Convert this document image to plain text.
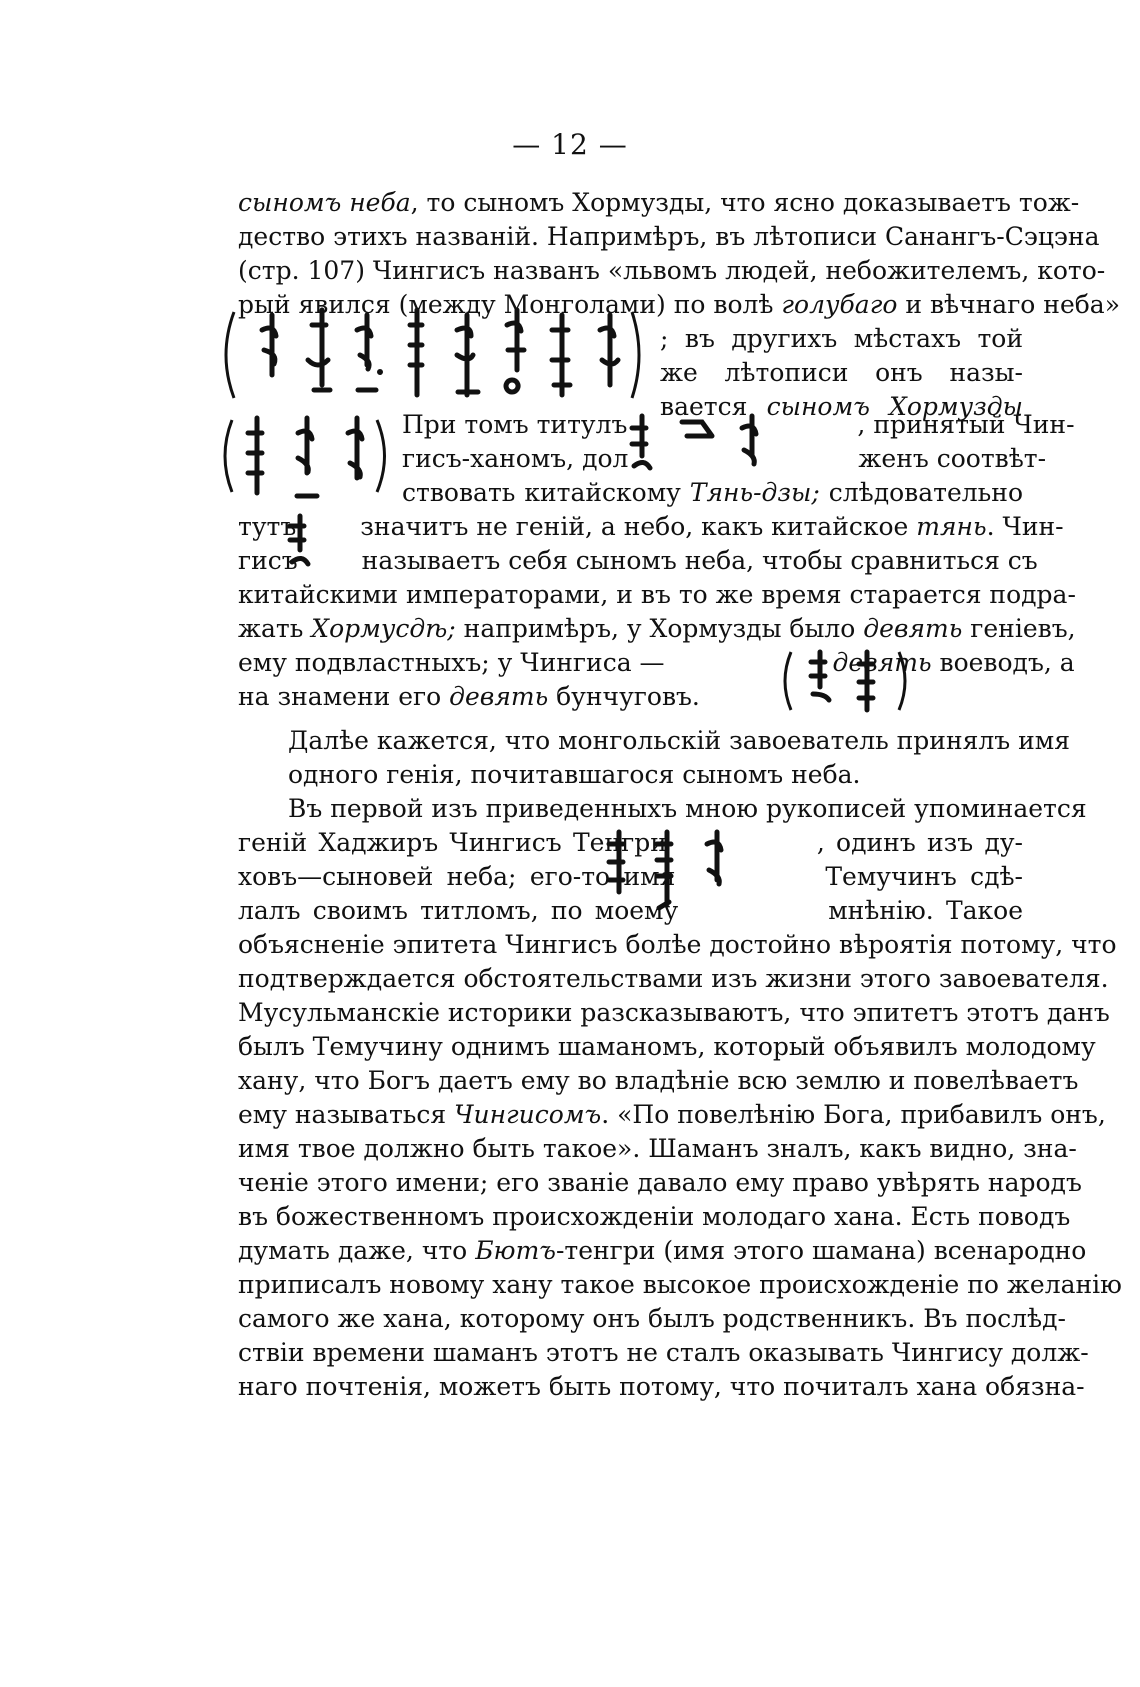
— 12 —
сыномъ неба, то сыномъ Хормузды, что ясно доказываетъ тож-
дество этихъ названій. Напримѣръ, въ лѣтописи Санангъ-Сэцэна
(стр. 107) Чингисъ названъ «львомъ людей, небожителемъ, кото-
рый явился (между Монголами) по волѣ голубаго и вѣчнаго неба»
; въ другихъ мѣстахъ той
же лѣтописи онъ назы-
вается сыномъ Хормузды
При томъ титулъ	, принятый Чин-
гисъ-ханомъ, дол	женъ соотвѣт-
ствовать китайскому Тянь-дзы; слѣдовательно
тутъ	значитъ не геній, а небо, какъ китайское тянь. Чин-
гисъ	называетъ себя сыномъ неба, чтобы сравниться съ
китайскими императорами, и въ то же время старается подра-
жать Хормусдѣ; напримѣръ, у Хормузды было девять геніевъ,
ему подвластныхъ; у Чингиса —	девять воеводъ, а
на знамени его девять бунчуговъ.
Далѣе кажется, что монгольскій завоеватель принялъ имя
одного генія, почитавшагося сыномъ неба.
Въ первой изъ приведенныхъ мною рукописей упоминается
геній Хаджиръ Чингисъ Тенгри	, одинъ изъ ду-
ховъ—сыновей неба; его-то имя	Темучинъ сдѣ-
лалъ своимъ титломъ, по моему	мнѣнію. Такое
объясненіе эпитета Чингисъ болѣе достойно вѣроятія потому, что
подтверждается обстоятельствами изъ жизни этого завоевателя.
Мусульманскіе историки разсказываютъ, что эпитетъ этотъ данъ
былъ Темучину однимъ шаманомъ, который объявилъ молодому
хану, что Богъ даетъ ему во владѣніе всю землю и повелѣваетъ
ему называться Чингисомъ. «По повелѣнію Бога, прибавилъ онъ,
имя твое должно быть такое». Шаманъ зналъ, какъ видно, зна-
ченіе этого имени; его званіе давало ему право увѣрять народъ
въ божественномъ происхожденіи молодаго хана. Есть поводъ
думать даже, что Бютъ-тенгри (имя этого шамана) всенародно
приписалъ новому хану такое высокое происхожденіе по желанію
самого же хана, которому онъ былъ родственникъ. Въ послѣд-
ствіи времени шаманъ этотъ не сталъ оказывать Чингису долж-
наго почтенія, можетъ быть потому, что почиталъ хана обязна-
